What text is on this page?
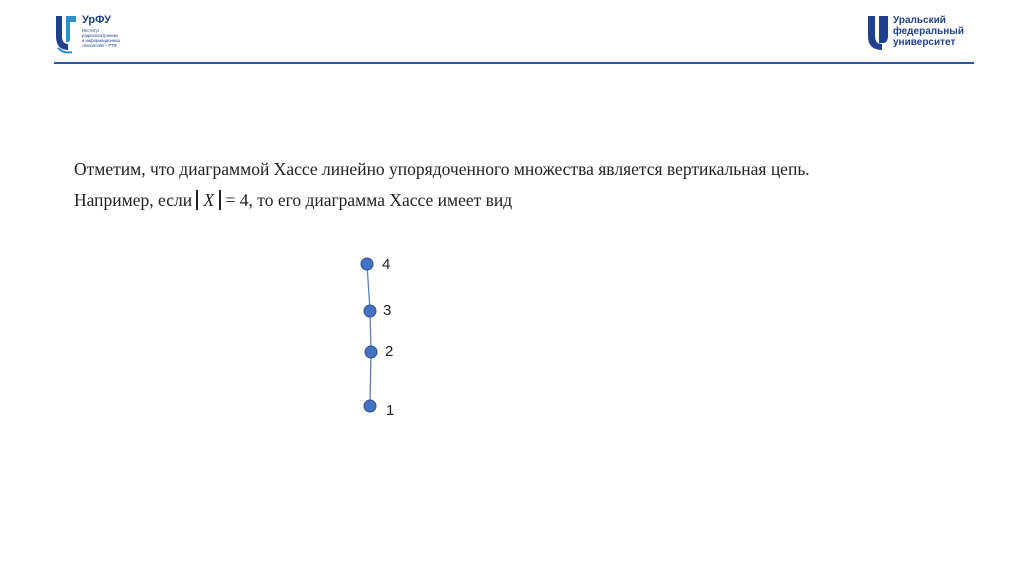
УрФУ
Институт
радиоэлектроники
и информационных
технологий – РТФ
Уральский
федеральный
университет
Отметим, что диаграммой Хассе линейно упорядоченного множества является вертикальная цепь.
Например, если X = 4, то его диаграмма Хассе имеет вид
4
3
2
1
